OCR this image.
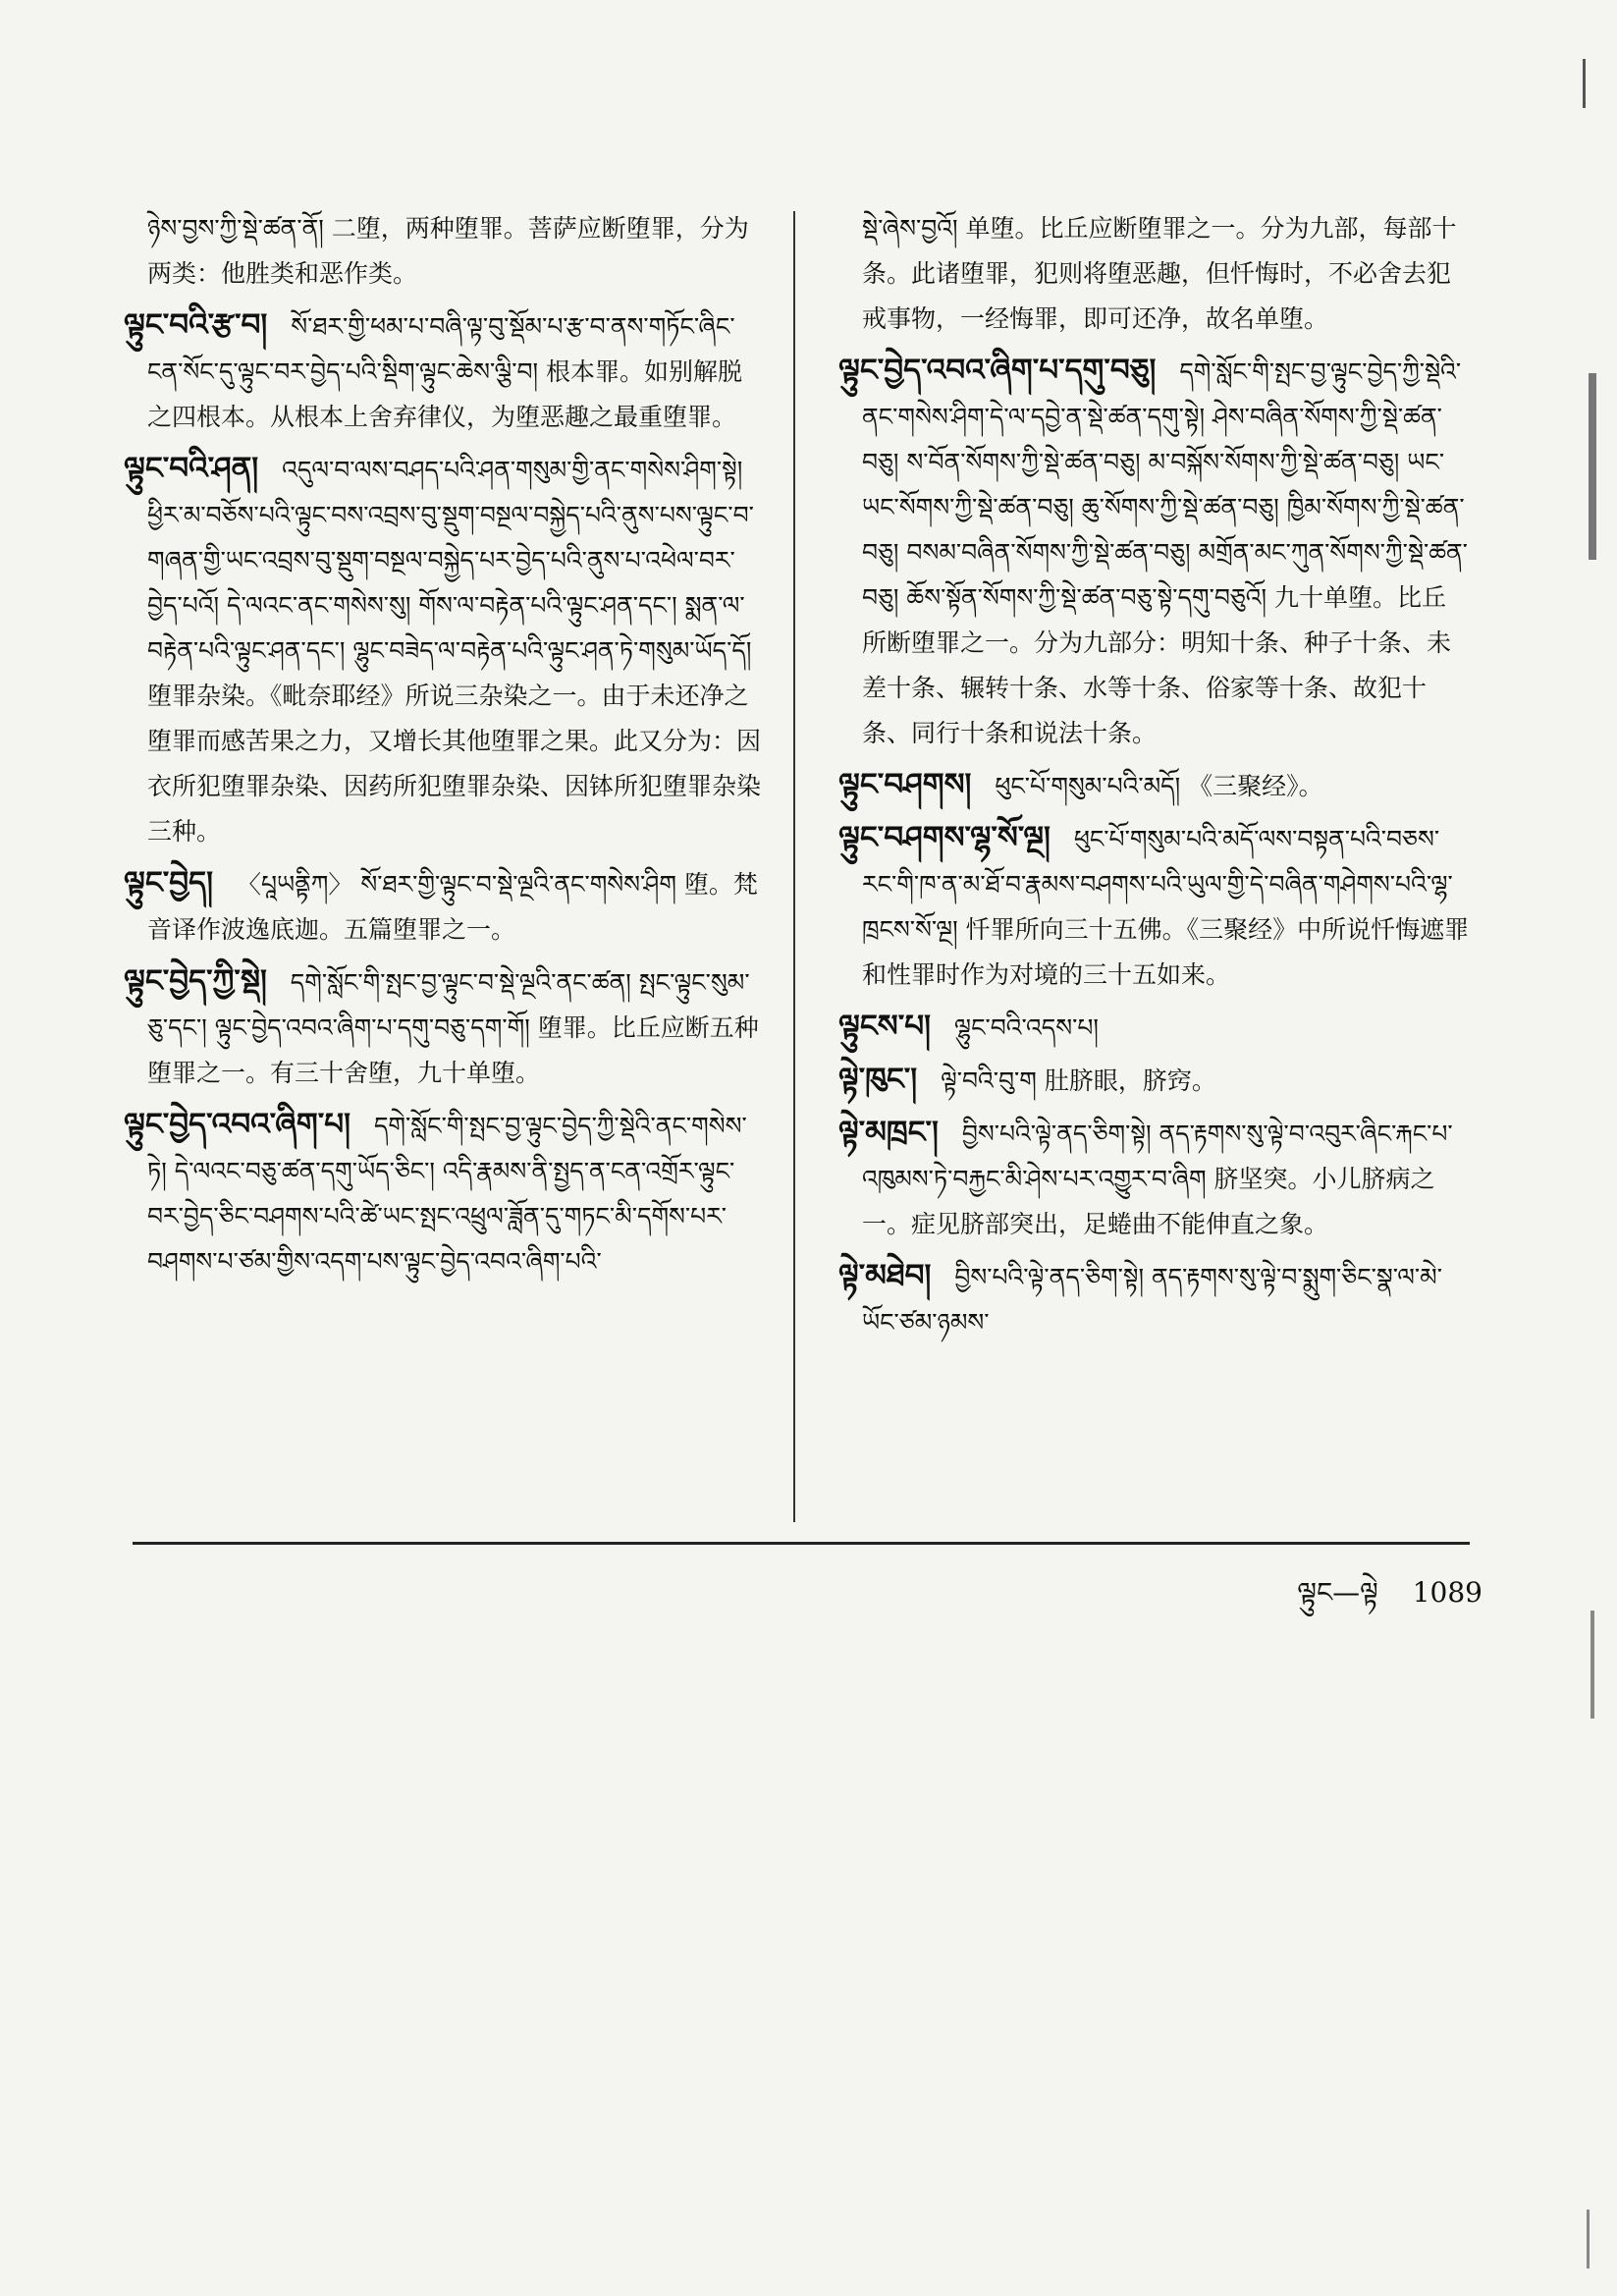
ཉེས་བྱས་ཀྱི་སྡེ་ཚན་ནོ། 二堕，两种堕罪。菩萨应断堕罪，分为两类：他胜类和恶作类。

ལྟུང་བའི་རྩ་བ། སོ་ཐར་གྱི་ཕམ་པ་བཞི་ལྟ་བུ་སྡོམ་པ་རྩ་བ་ནས་གཏོང་ཞིང་ངན་སོང་དུ་ལྟུང་བར་བྱེད་པའི་སྡིག་ལྟུང་ཆེས་ལྕི་བ། 根本罪。如别解脱之四根本。从根本上舍弃律仪，为堕恶趣之最重堕罪。

ལྟུང་བའི་ཤན། འདུལ་བ་ལས་བཤད་པའི་ཤན་གསུམ་གྱི་ནང་གསེས་ཤིག་སྟེ། ཕྱིར་མ་བཅོས་པའི་ལྟུང་བས་འབྲས་བུ་སྡུག་བསྔལ་བསྐྱེད་པའི་ནུས་པས་ལྟུང་བ་གཞན་གྱི་ཡང་འབྲས་བུ་སྡུག་བསྔལ་བསྐྱེད་པར་བྱེད་པའི་ནུས་པ་འཕེལ་བར་བྱེད་པའོ། དེ་ལའང་ནང་གསེས་སུ། གོས་ལ་བརྟེན་པའི་ལྟུང་ཤན་དང་། སྨན་ལ་བརྟེན་པའི་ལྟུང་ཤན་དང་། ལྷུང་བཟེད་ལ་བརྟེན་པའི་ལྟུང་ཤན་ཏེ་གསུམ་ཡོད་དོ། 堕罪杂染。《毗奈耶经》所说三杂染之一。由于未还净之堕罪而感苦果之力，又增长其他堕罪之果。此又分为：因衣所犯堕罪杂染、因药所犯堕罪杂染、因钵所犯堕罪杂染三种。

ལྟུང་བྱེད། 〈པཱཡནྟིཀ〉 སོ་ཐར་གྱི་ལྟུང་བ་སྡེ་ལྔའི་ནང་གསེས་ཤིག 堕。梵音译作波逸底迦。五篇堕罪之一。

ལྟུང་བྱེད་ཀྱི་སྡེ། དགེ་སློང་གི་སྤང་བྱ་ལྟུང་བ་སྡེ་ལྔའི་ནང་ཚན། སྤང་ལྟུང་སུམ་ཅུ་དང་། ལྟུང་བྱེད་འབའ་ཞིག་པ་དགུ་བཅུ་དག་གོ། 堕罪。比丘应断五种堕罪之一。有三十舍堕，九十单堕。

ལྟུང་བྱེད་འབའ་ཞིག་པ། དགེ་སློང་གི་སྤང་བྱ་ལྟུང་བྱེད་ཀྱི་སྡེའི་ནང་གསེས་ཏེ། དེ་ལའང་བཅུ་ཚན་དགུ་ཡོད་ཅིང་། འདི་རྣམས་ནི་སྤྱད་ན་ངན་འགྲོར་ལྟུང་བར་བྱེད་ཅིང་བཤགས་པའི་ཚེ་ཡང་སྤང་འཕྲུལ་ཟློན་དུ་གཏང་མི་དགོས་པར་བཤགས་པ་ཙམ་གྱིས་འདག་པས་ལྟུང་བྱེད་འབའ་ཞིག་པའི་

སྡེ་ཞེས་བྱའོ། 单堕。比丘应断堕罪之一。分为九部，每部十条。此诸堕罪，犯则将堕恶趣，但忏悔时，不必舍去犯戒事物，一经悔罪，即可还净，故名单堕。

ལྟུང་བྱེད་འབའ་ཞིག་པ་དགུ་བཅུ། དགེ་སློང་གི་སྤང་བྱ་ལྟུང་བྱེད་ཀྱི་སྡེའི་ནང་གསེས་ཤིག་དེ་ལ་དབྱེ་ན་སྡེ་ཚན་དགུ་སྟེ། ཤེས་བཞིན་སོགས་ཀྱི་སྡེ་ཚན་བཅུ། ས་བོན་སོགས་ཀྱི་སྡེ་ཚན་བཅུ། མ་བསྐོས་སོགས་ཀྱི་སྡེ་ཚན་བཅུ། ཡང་ཡང་སོགས་ཀྱི་སྡེ་ཚན་བཅུ། ཆུ་སོགས་ཀྱི་སྡེ་ཚན་བཅུ། ཁྱིམ་སོགས་ཀྱི་སྡེ་ཚན་བཅུ། བསམ་བཞིན་སོགས་ཀྱི་སྡེ་ཚན་བཅུ། མགྲོན་མང་ཀུན་སོགས་ཀྱི་སྡེ་ཚན་བཅུ། ཆོས་སྟོན་སོགས་ཀྱི་སྡེ་ཚན་བཅུ་སྟེ་དགུ་བཅུའོ། 九十单堕。比丘所断堕罪之一。分为九部分：明知十条、种子十条、未差十条、辗转十条、水等十条、俗家等十条、故犯十条、同行十条和说法十条。

ལྟུང་བཤགས། ཕུང་པོ་གསུམ་པའི་མདོ། 《三聚经》。

ལྟུང་བཤགས་ལྷ་སོ་ལྔ། ཕུང་པོ་གསུམ་པའི་མདོ་ལས་བསྟན་པའི་བཅས་རང་གི་ཁ་ན་མ་ཐོ་བ་རྣམས་བཤགས་པའི་ཡུལ་གྱི་དེ་བཞིན་གཤེགས་པའི་ལྷ་ཁྲངས་སོ་ལྔ། 忏罪所向三十五佛。《三聚经》中所说忏悔遮罪和性罪时作为对境的三十五如来。

ལྟུངས་པ། ལྷུང་བའི་འདས་པ།

ལྟེ་ཁུང་། ལྟེ་བའི་བུ་ག 肚脐眼，脐窍。

ལྟེ་མཁྲང་། བྱིས་པའི་ལྟེ་ནད་ཅིག་སྟེ། ནད་རྟགས་སུ་ལྟེ་བ་འབུར་ཞིང་རྐང་པ་འཁུམས་ཏེ་བརྐྱང་མི་ཤེས་པར་འགྱུར་བ་ཞིག 脐坚突。小儿脐病之一。症见脐部突出，足蜷曲不能伸直之象。

ལྟེ་མཐེབ། བྱིས་པའི་ལྟེ་ནད་ཅིག་སྟེ། ནད་རྟགས་སུ་ལྟེ་བ་སྨུག་ཅིང་སྣ་ལ་མེ་ཡོང་ཙམ་ཉམས་

ལྟུང—ལྟེ 1089
